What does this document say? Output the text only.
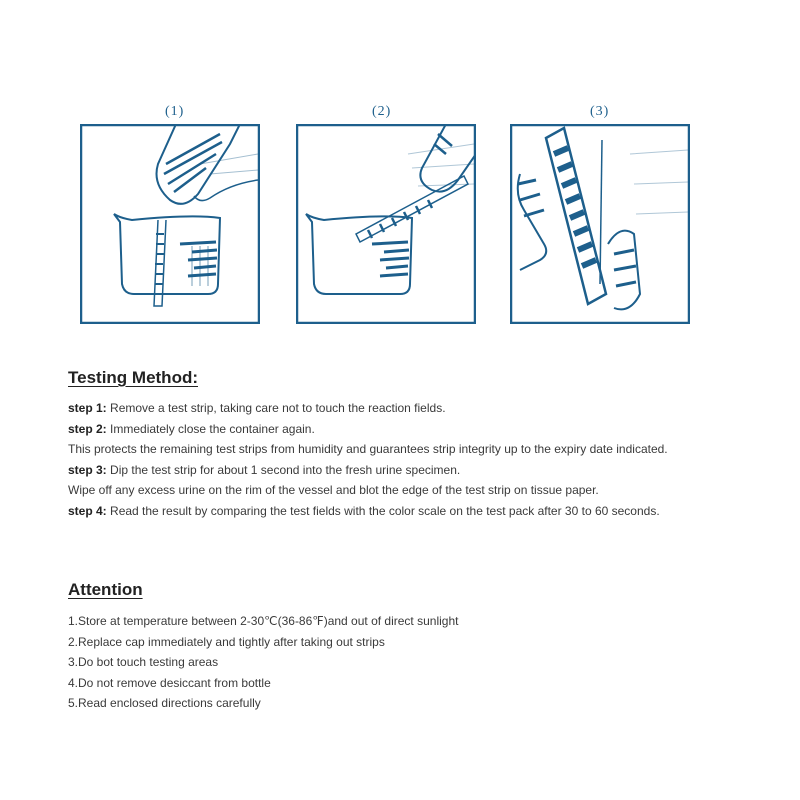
(1)	(2)	(3)
Testing Method:

step 1: Remove a test strip, taking care not to touch the reaction fields.

step 2: Immediately close the container again.

This protects the remaining test strips from humidity and guarantees strip integrity up to the expiry date indicated.

step 3: Dip the test strip for about 1 second into the fresh urine specimen.

Wipe off any excess urine on the rim of the vessel and blot the edge of the test strip on tissue paper.

step 4: Read the result by comparing the test fields with the color scale on the test pack after 30 to 60 seconds.

Attention

1.Store at temperature between 2-30℃(36-86℉)and out of direct sunlight

2.Replace cap immediately and tightly after taking out strips

3.Do bot touch testing areas

4.Do not remove desiccant from bottle

5.Read enclosed directions carefully
